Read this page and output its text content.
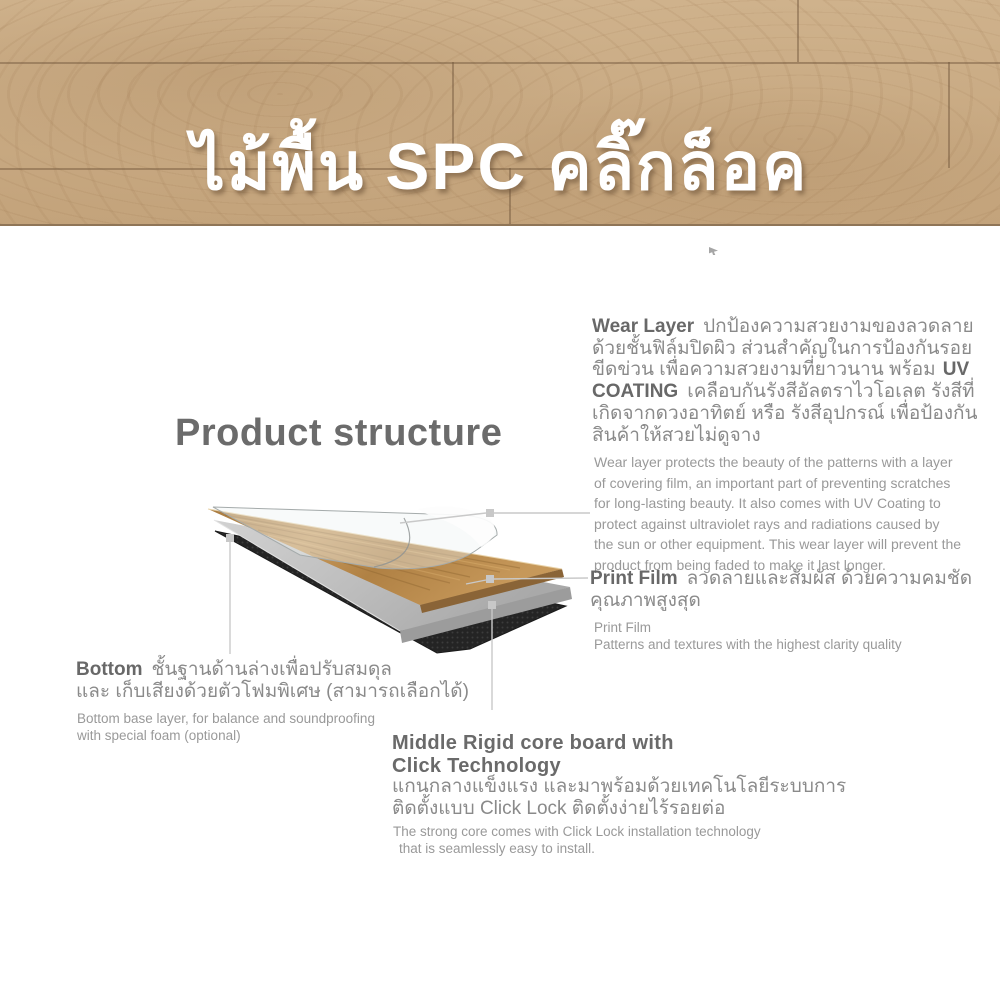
ไม้พื้น SPC คลิ๊กล็อค
Product structure
Wear Layer ปกป้องความสวยงามของลวดลาย
ด้วยชั้นฟิล์มปิดผิว ส่วนสำคัญในการป้องกันรอย
ขีดข่วน เพื่อความสวยงามที่ยาวนาน พร้อม UV
COATING เคลือบกันรังสีอัลตราไวโอเลต รังสีที่
เกิดจากดวงอาทิตย์ หรือ รังสีอุปกรณ์ เพื่อป้องกัน
สินค้าให้สวยไม่ดูจาง
Wear layer protects the beauty of the patterns with a layer
of covering film, an important part of preventing scratches
for long-lasting beauty. It also comes with UV Coating to
protect against ultraviolet rays and radiations caused by
the sun or other equipment. This wear layer will prevent the
product from being faded to make it last longer.
Print Film ลวดลายและสัมผัส ด้วยความคมชัด
คุณภาพสูงสุด
Print Film
Patterns and textures with the highest clarity quality
Bottom ชั้นฐานด้านล่างเพื่อปรับสมดุล
และ เก็บเสียงด้วยตัวโฟมพิเศษ (สามารถเลือกได้)
Bottom base layer, for balance and soundproofing
with special foam (optional)	Middle Rigid core board with
Click Technology
แกนกลางแข็งแรง และมาพร้อมด้วยเทคโนโลยีระบบการ
ติดตั้งแบบ Click Lock ติดตั้งง่ายไร้รอยต่อ
The strong core comes with Click Lock installation technology
that is seamlessly easy to install.
